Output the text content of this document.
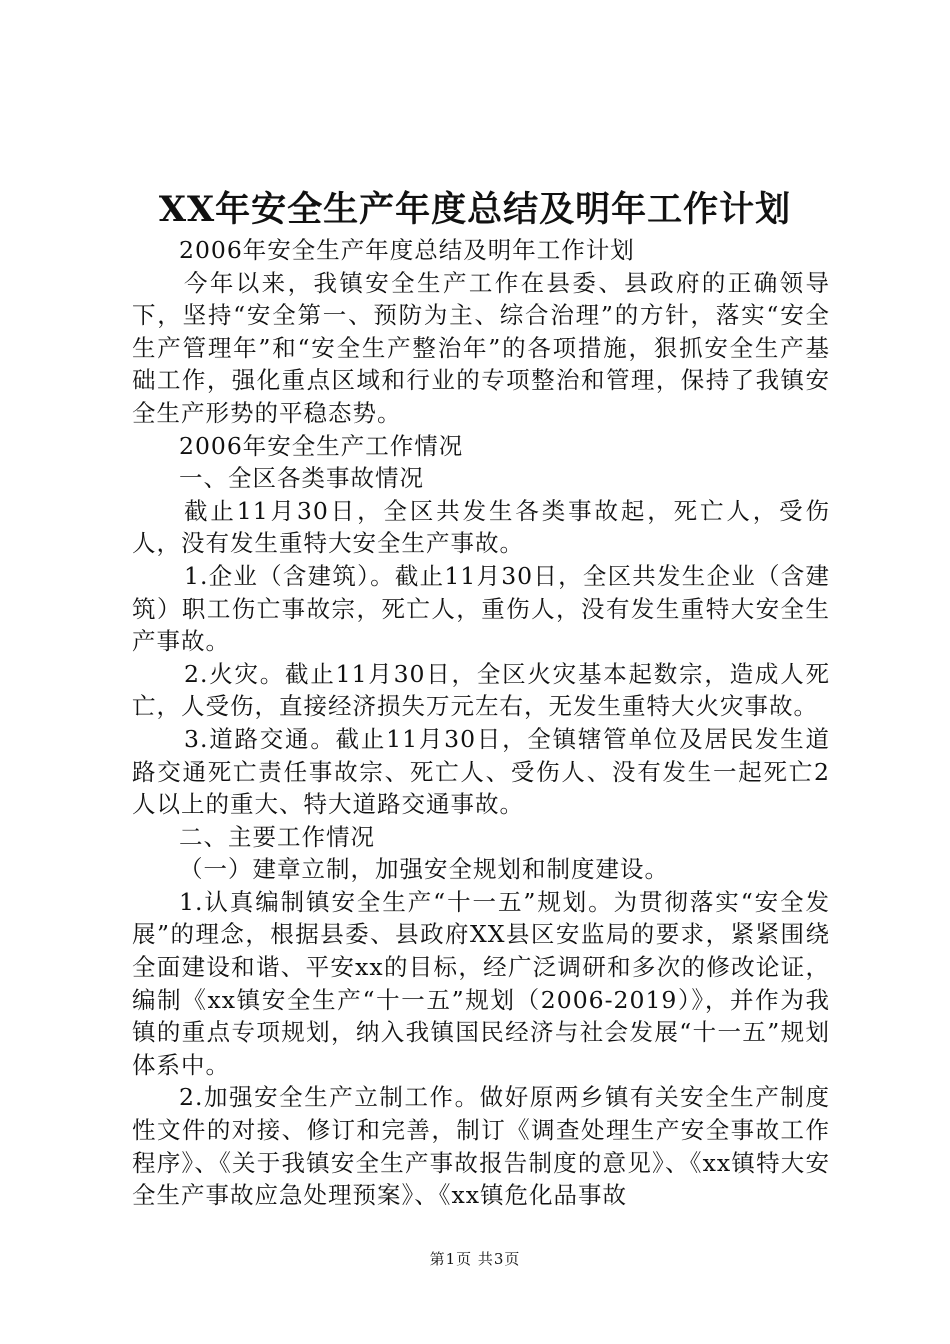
XX年安全生产年度总结及明年工作计划

2006年安全生产年度总结及明年工作计划

今年以来，我镇安全生产工作在县委、县政府的正确领导下，坚持“安全第一、预防为主、综合治理”的方针，落实“安全生产管理年”和“安全生产整治年”的各项措施，狠抓安全生产基础工作，强化重点区域和行业的专项整治和管理，保持了我镇安全生产形势的平稳态势。

2006年安全生产工作情况

一、全区各类事故情况

截止11月30日，全区共发生各类事故起，死亡人，受伤人，没有发生重特大安全生产事故。

1.企业（含建筑）。截止11月30日，全区共发生企业（含建筑）职工伤亡事故宗，死亡人，重伤人，没有发生重特大安全生产事故。

2.火灾。截止11月30日，全区火灾基本起数宗，造成人死亡，人受伤，直接经济损失万元左右，无发生重特大火灾事故。

3.道路交通。截止11月30日，全镇辖管单位及居民发生道路交通死亡责任事故宗、死亡人、受伤人、没有发生一起死亡2人以上的重大、特大道路交通事故。

二、主要工作情况

（一）建章立制，加强安全规划和制度建设。

1.认真编制镇安全生产“十一五”规划。为贯彻落实“安全发展”的理念，根据县委、县政府XX县区安监局的要求，紧紧围绕全面建设和谐、平安xx的目标，经广泛调研和多次的修改论证，编制《xx镇安全生产“十一五”规划（2006-2019）》，并作为我镇的重点专项规划，纳入我镇国民经济与社会发展“十一五”规划体系中。

2.加强安全生产立制工作。做好原两乡镇有关安全生产制度性文件的对接、修订和完善，制订《调查处理生产安全事故工作程序》、《关于我镇安全生产事故报告制度的意见》、《xx镇特大安全生产事故应急处理预案》、《xx镇危化品事故

第1页 共3页
